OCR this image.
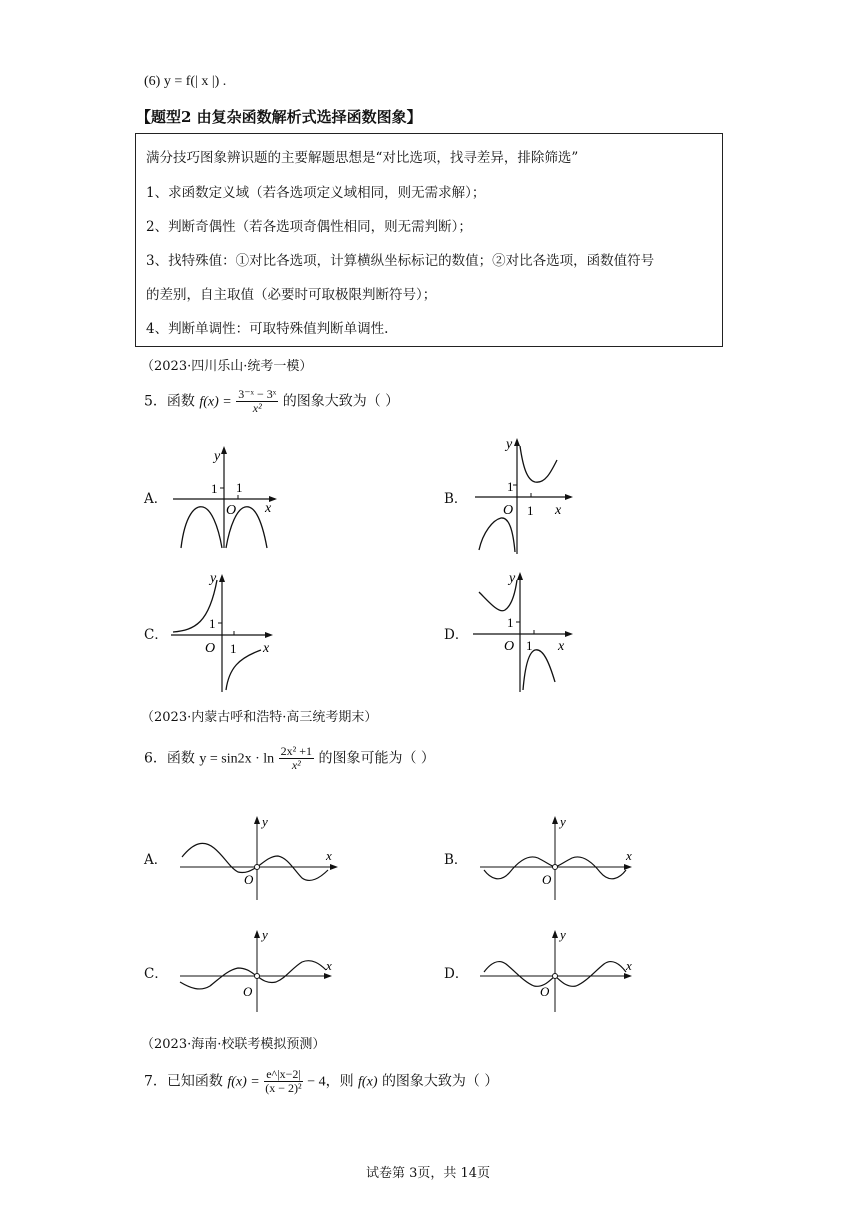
(6) y = f(| x |) .
【题型2 由复杂函数解析式选择函数图象】
满分技巧图象辨识题的主要解题思想是“对比选项，找寻差异，排除筛选”
1、求函数定义域（若各选项定义域相同，则无需求解）；
2、判断奇偶性（若各选项奇偶性相同，则无需判断）；
3、找特殊值：①对比各选项，计算横纵坐标标记的数值；②对比各选项，函数值符号
的差别，自主取值（必要时可取极限判断符号）；
4、判断单调性：可取特殊值判断单调性.
（2023·四川乐山·统考一模）
5．函数 $f(x) = \frac{\text{3⁻ˣ − 3ˣ}}{\text{x²}}$ 的图象大致为（ ）
A．	B．
C．	D．
1 1
y
x
O
1
1
y
x
O
1
1
y
x
O
1
1
y
x
O
（2023·内蒙古呼和浩特·高三统考期末）
6．函数 $y = \sin 2x \cdot \ln \frac{\text{2x² +1}}{\text{x²}}$ 的图象可能为（ ）
A．	B．
C．	D．
y
x
O
y
x
O
y
x
O
y
x
O
（2023·海南·校联考模拟预测）
7．已知函数 $f(x) = \frac{e\^{}|x-2|}{\text{(x − 2)²}} - 4$，则 f(x) 的图象大致为（ ）
试卷第 3页，共 14页
